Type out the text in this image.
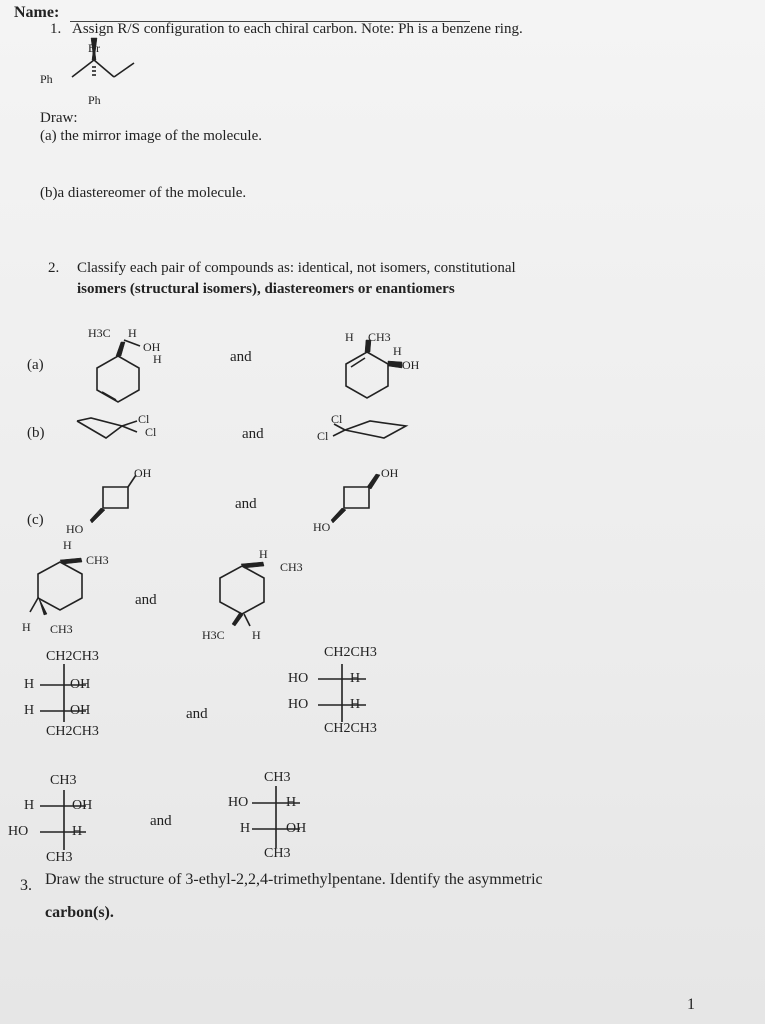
Name:
1. Assign R/S configuration to each chiral carbon. Note: Ph is a benzene ring.
Br
Ph
Ph
Draw:
(a) the mirror image of the molecule.
(b)a diastereomer of the molecule.
2. Classify each pair of compounds as: identical, not isomers, constitutional
isomers (structural isomers), diastereomers or enantiomers
(a)
H3C H
OH
H	and
H CH3
H
OH
(b)
Cl
Cl	and
Cl
Cl
(c)
OH
HO
and
OH
HO
H
CH3
H CH3
and
H
CH3
H3C H
CH2CH3
H	OH
H	OH
CH2CH3
and
CH2CH3
HO	H
HO	H
CH2CH3
CH3
H	OH
HO	H
CH3
and
CH3
HO	H
H	OH
CH3
3. Draw the structure of 3-ethyl-2,2,4-trimethylpentane. Identify the asymmetric
carbon(s).
1
